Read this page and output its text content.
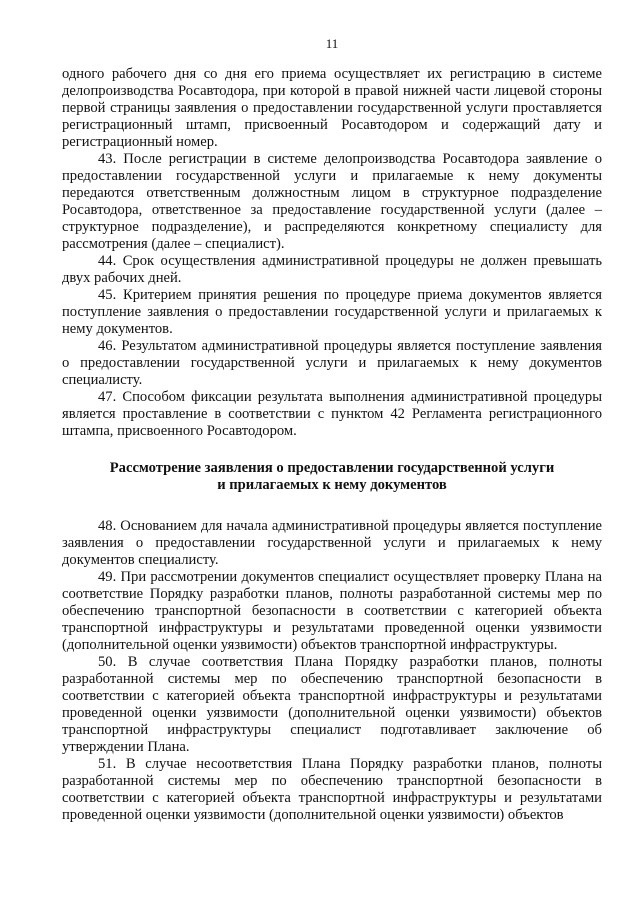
11

одного рабочего дня со дня его приема осуществляет их регистрацию в системе делопроизводства Росавтодора, при которой в правой нижней части лицевой стороны первой страницы заявления о предоставлении государственной услуги проставляется регистрационный штамп, присвоенный Росавтодором и содержащий дату и регистрационный номер.

43. После регистрации в системе делопроизводства Росавтодора заявление о предоставлении государственной услуги и прилагаемые к нему документы передаются ответственным должностным лицом в структурное подразделение Росавтодора, ответственное за предоставление государственной услуги (далее – структурное подразделение), и распределяются конкретному специалисту для рассмотрения (далее – специалист).

44. Срок осуществления административной процедуры не должен превышать двух рабочих дней.

45. Критерием принятия решения по процедуре приема документов является поступление заявления о предоставлении государственной услуги и прилагаемых к нему документов.

46. Результатом административной процедуры является поступление заявления о предоставлении государственной услуги и прилагаемых к нему документов специалисту.

47. Способом фиксации результата выполнения административной процедуры является проставление в соответствии с пунктом 42 Регламента регистрационного штампа, присвоенного Росавтодором.

Рассмотрение заявления о предоставлении государственной услуги
и прилагаемых к нему документов

48. Основанием для начала административной процедуры является поступление заявления о предоставлении государственной услуги и прилагаемых к нему документов специалисту.

49. При рассмотрении документов специалист осуществляет проверку Плана на соответствие Порядку разработки планов, полноты разработанной системы мер по обеспечению транспортной безопасности в соответствии с категорией объекта транспортной инфраструктуры и результатами проведенной оценки уязвимости (дополнительной оценки уязвимости) объектов транспортной инфраструктуры.

50. В случае соответствия Плана Порядку разработки планов, полноты разработанной системы мер по обеспечению транспортной безопасности в соответствии с категорией объекта транспортной инфраструктуры и результатами проведенной оценки уязвимости (дополнительной оценки уязвимости) объектов транспортной инфраструктуры специалист подготавливает заключение об утверждении Плана.

51. В случае несоответствия Плана Порядку разработки планов, полноты разработанной системы мер по обеспечению транспортной безопасности в соответствии с категорией объекта транспортной инфраструктуры и результатами проведенной оценки уязвимости (дополнительной оценки уязвимости) объектов
